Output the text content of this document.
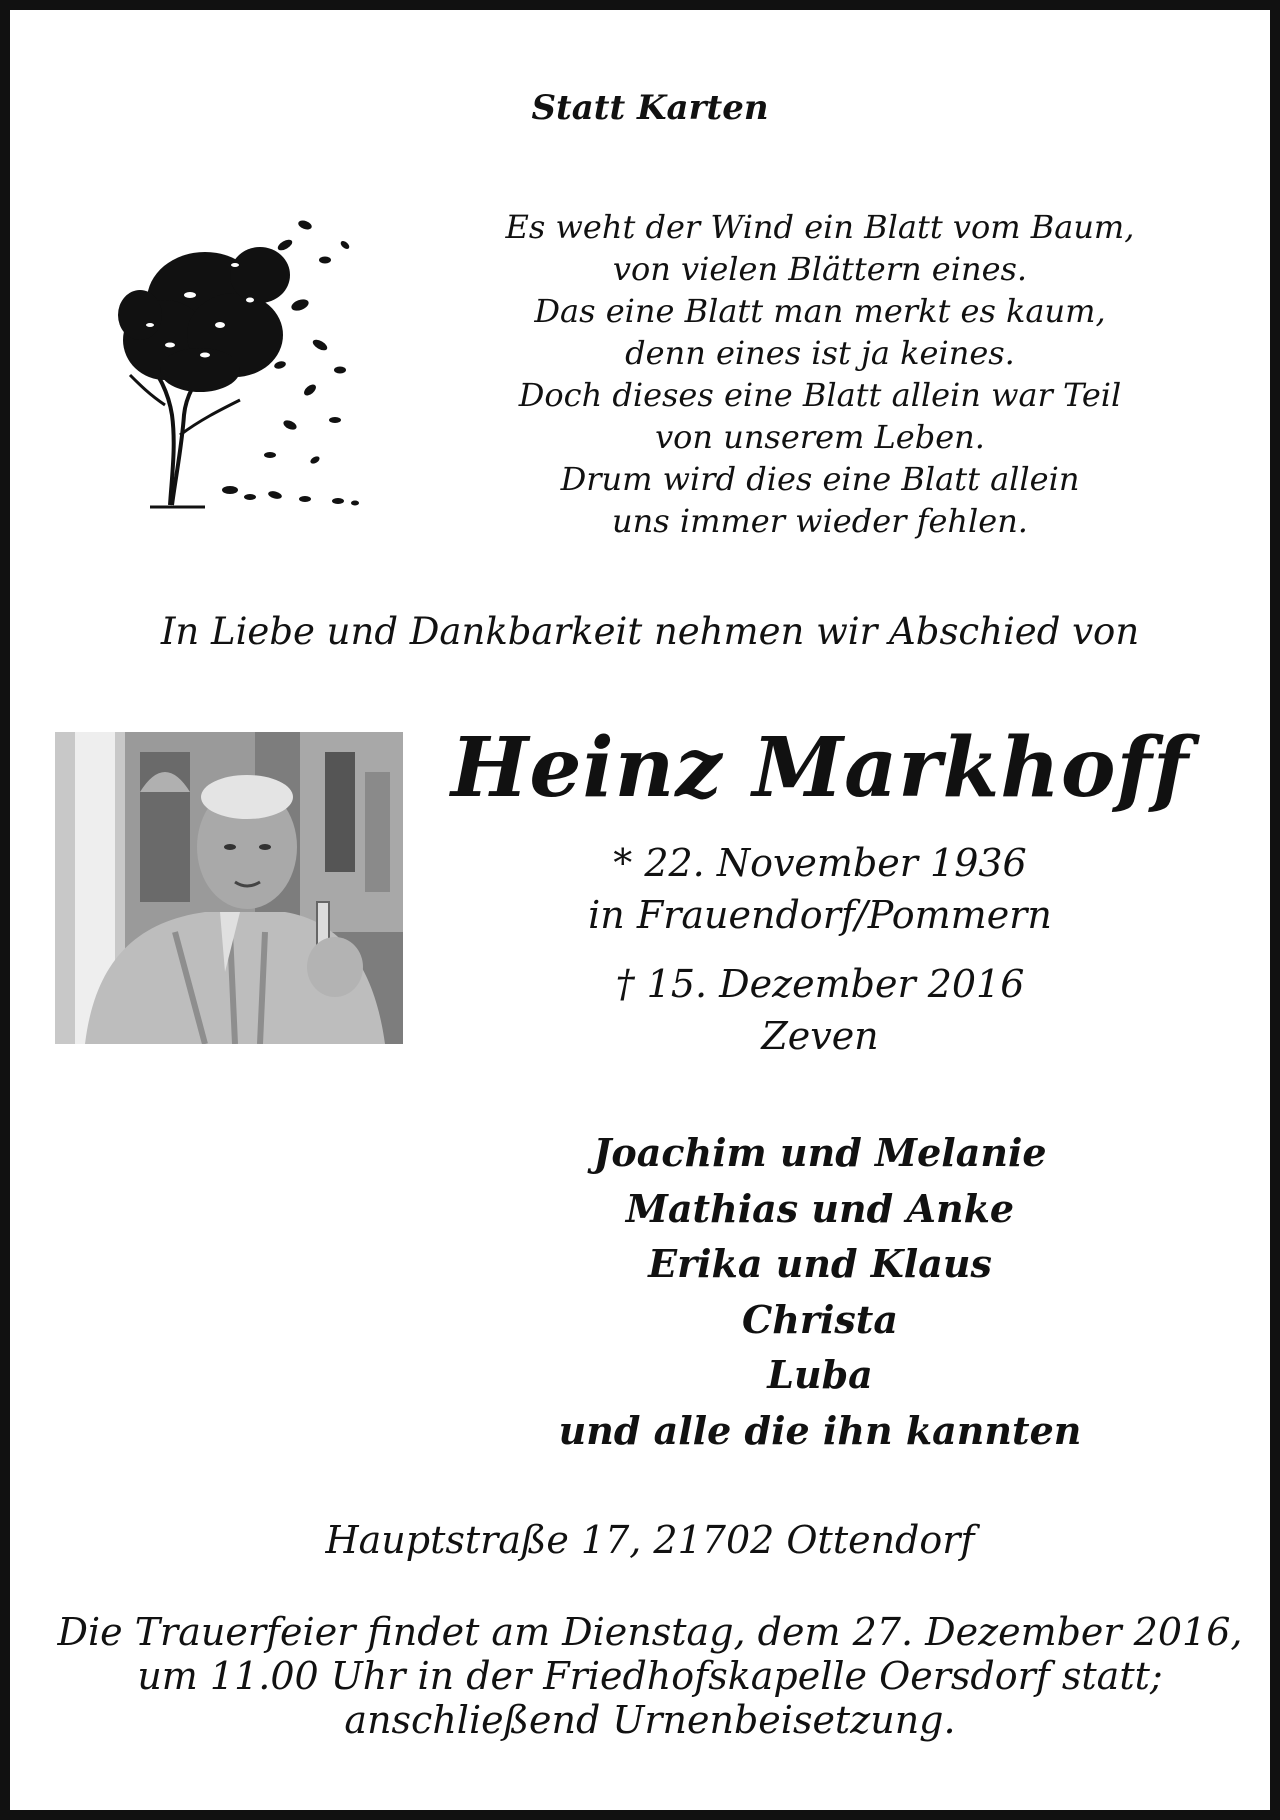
Statt Karten
Es weht der Wind ein Blatt vom Baum,
von vielen Blättern eines.
Das eine Blatt man merkt es kaum,
denn eines ist ja keines.
Doch dieses eine Blatt allein war Teil
von unserem Leben.
Drum wird dies eine Blatt allein
uns immer wieder fehlen.
In Liebe und Dankbarkeit nehmen wir Abschied von
Heinz Markhoff
* 22. November 1936
in Frauendorf/Pommern
† 15. Dezember 2016
Zeven
Joachim und Melanie
Mathias und Anke
Erika und Klaus
Christa
Luba
und alle die ihn kannten
Hauptstraße 17, 21702 Ottendorf
Die Trauerfeier findet am Dienstag, dem 27. Dezember 2016,
um 11.00 Uhr in der Friedhofskapelle Oersdorf statt;
anschließend Urnenbeisetzung.
